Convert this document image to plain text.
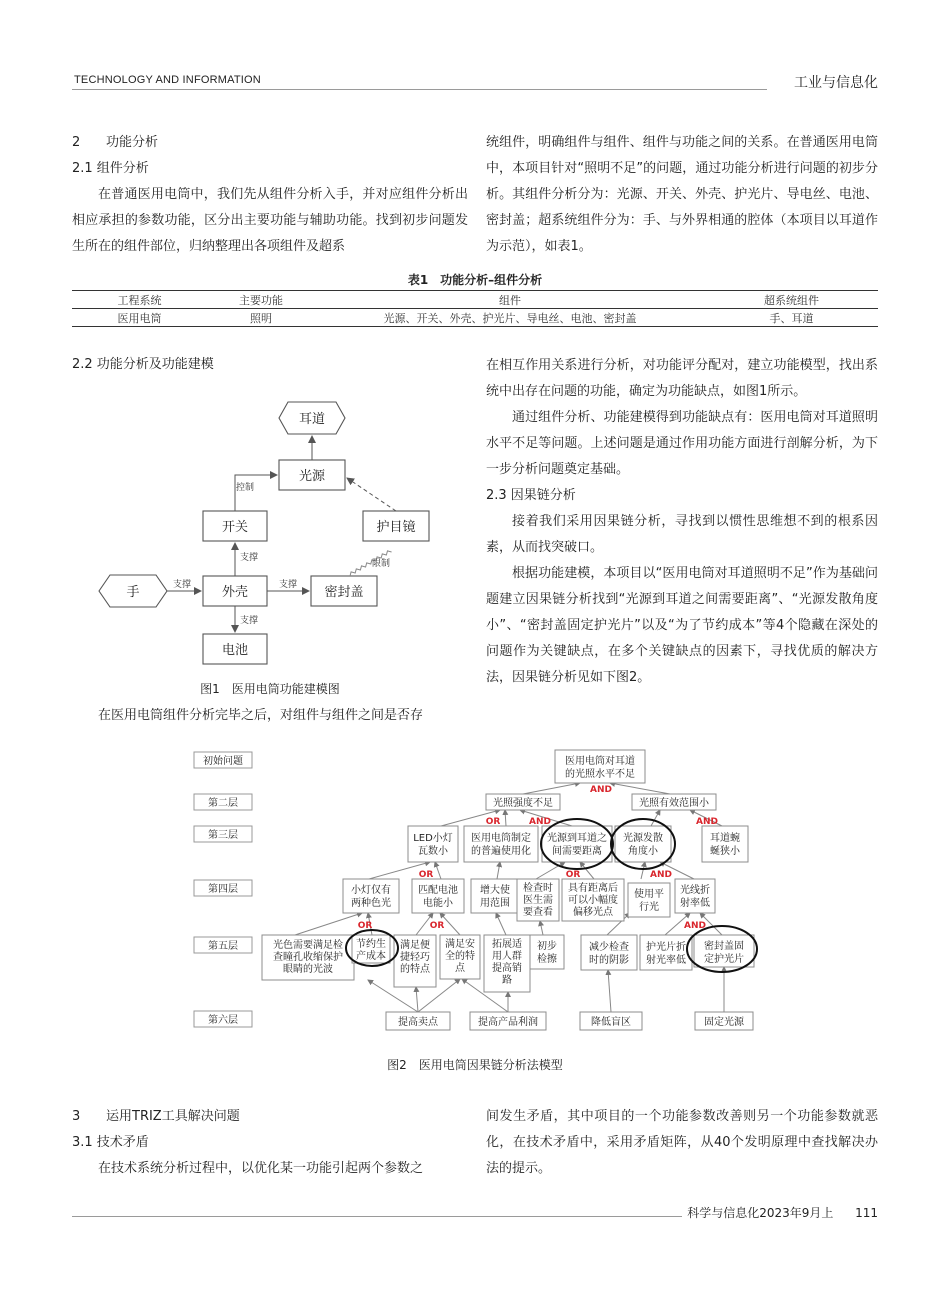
TECHNOLOGY AND INFORMATION	工业与信息化
2 功能分析
2.1 组件分析

在普通医用电筒中，我们先从组件分析入手，并对应组件分析出相应承担的参数功能，区分出主要功能与辅助功能。找到初步问题发生所在的组件部位，归纳整理出各项组件及超系

统组件，明确组件与组件、组件与功能之间的关系。在普通医用电筒中，本项目针对“照明不足”的问题，通过功能分析进行问题的初步分析。其组件分析分为：光源、开关、外壳、护光片、导电丝、电池、密封盖；超系统组件分为：手、与外界相通的腔体（本项目以耳道作为示范），如表1。

表1　功能分析–组件分析
工程系统	主要功能	组件	超系统组件
医用电筒	照明	光源、开关、外壳、护光片、导电丝、电池、密封盖	手、耳道
2.2 功能分析及功能建模
耳道
光源
开关	护目镜
手	外壳	密封盖
电池
控制
支撑
支撑	支撑
支撑
限制
图1　医用电筒功能建模图

在医用电筒组件分析完毕之后，对组件与组件之间是否存

在相互作用关系进行分析，对功能评分配对，建立功能模型，找出系统中出存在问题的功能，确定为功能缺点，如图1所示。

通过组件分析、功能建模得到功能缺点有：医用电筒对耳道照明水平不足等问题。上述问题是通过作用功能方面进行剖解分析，为下一步分析问题奠定基础。

2.3 因果链分析

接着我们采用因果链分析，寻找到以惯性思维想不到的根系因素，从而找突破口。

根据功能建模，本项目以“医用电筒对耳道照明不足”作为基础问题建立因果链分析找到“光源到耳道之间需要距离”、“光源发散角度小”、“密封盖固定护光片”以及“为了节约成本”等4个隐藏在深处的问题作为关键缺点，在多个关键缺点的因素下，寻找优质的解决方法，因果链分析见如下图2。

初始问题
第二层
第三层
第四层
第五层
第六层
医用电筒对耳道的光照水平不足
光照强度不足	光照有效范围小
LED小灯瓦数小
医用电筒制定的普遍使用化
光源到耳道之间需要距离
光源发散角度小
耳道蜿蜒狭小
小灯仅有两种色光
匹配电池电能小
增大使用范围
检查时医生需要查看
具有距离后可以小幅度偏移光点
使用平行光
光线折射率低
光色需要满足检查瞳孔收缩保护眼睛的光波
节约生产成本
满足便捷轻巧的特点
满足安全的特点
拓展适用人群提高销路
初步检擦
减少检查时的阴影
护光片折射光率低
密封盖固定护光片
提高卖点	提高产品利润	降低盲区	固定光源
AND
OR	AND	AND
OR	OR	AND
OR	OR	AND
图2　医用电筒因果链分析法模型
3 运用TRIZ工具解决问题
3.1 技术矛盾

在技术系统分析过程中，以优化某一功能引起两个参数之

间发生矛盾，其中项目的一个功能参数改善则另一个功能参数就恶化，在技术矛盾中，采用矛盾矩阵，从40个发明原理中查找解决办法的提示。

科学与信息化2023年9月上 111
